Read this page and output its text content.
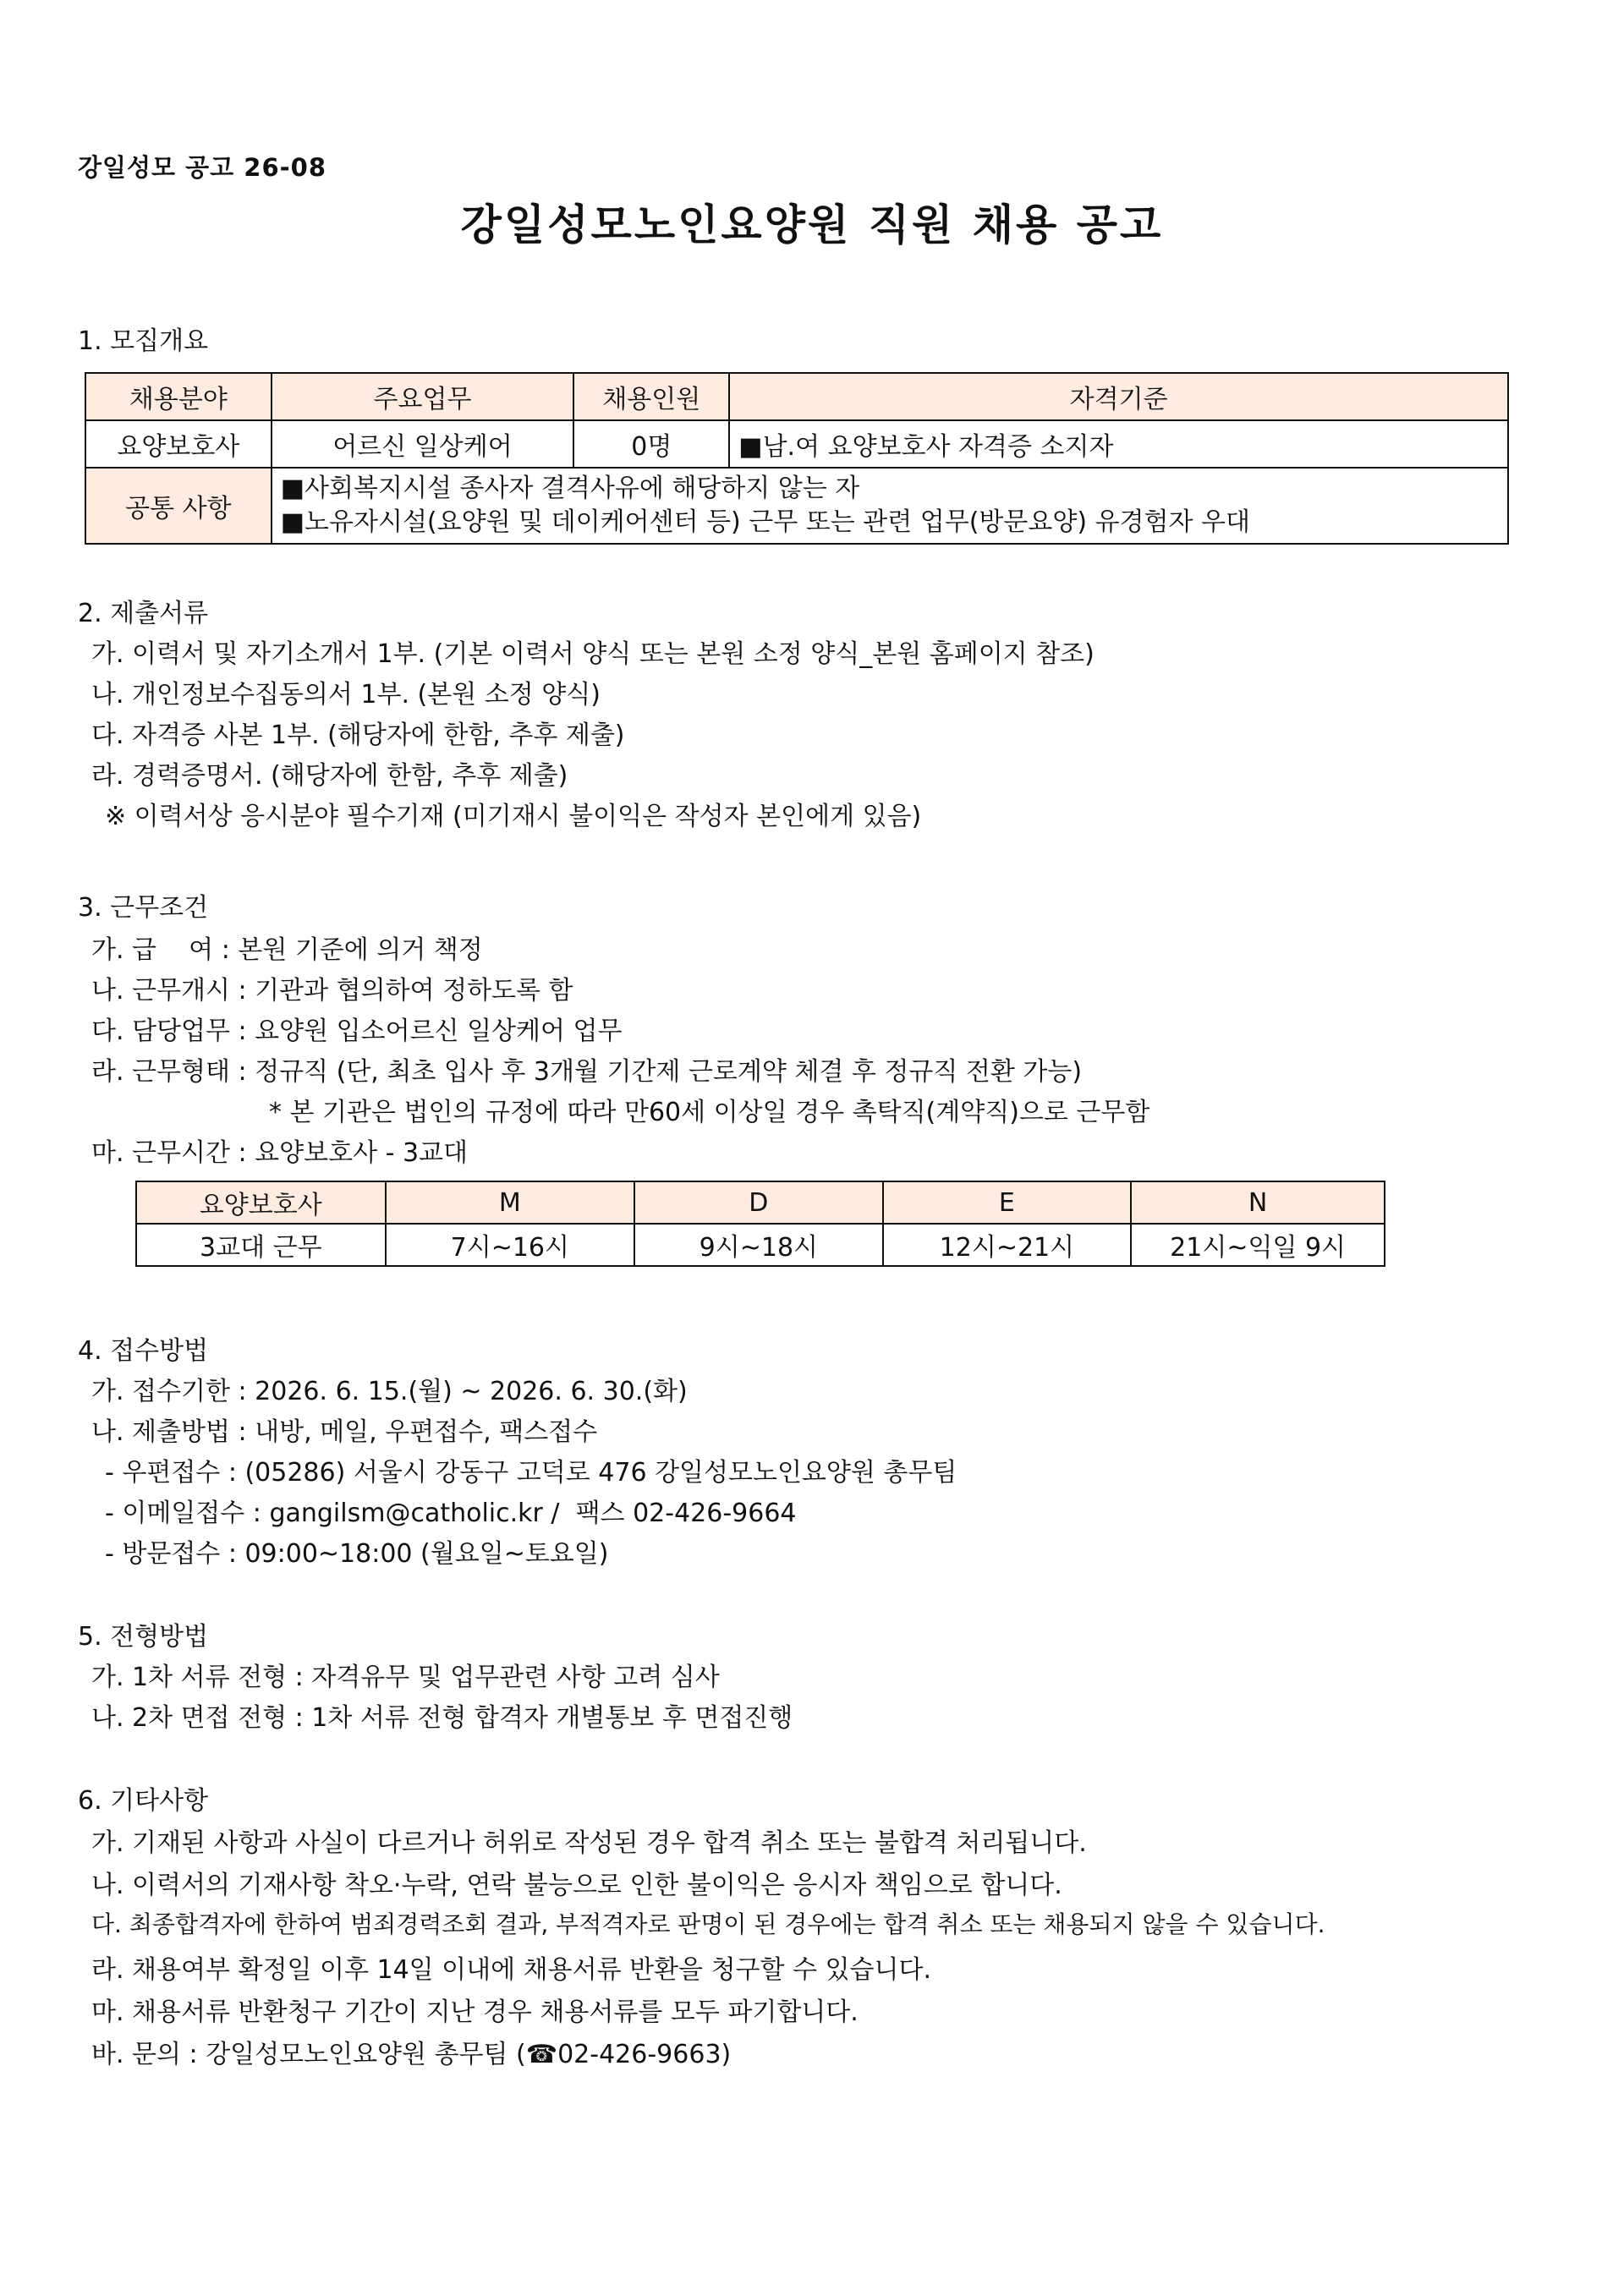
강일성모 공고 26-08
강일성모노인요양원 직원 채용 공고
1. 모집개요
채용분야	주요업무	채용인원	자격기준
요양보호사	어르신 일상케어	0명	■남.여 요양보호사 자격증 소지자
공통 사항	■사회복지시설 종사자 결격사유에 해당하지 않는 자
■노유자시설(요양원 및 데이케어센터 등) 근무 또는 관련 업무(방문요양) 유경험자 우대		
2. 제출서류
가. 이력서 및 자기소개서 1부. (기본 이력서 양식 또는 본원 소정 양식_본원 홈페이지 참조)
나. 개인정보수집동의서 1부. (본원 소정 양식)
다. 자격증 사본 1부. (해당자에 한함, 추후 제출)
라. 경력증명서. (해당자에 한함, 추후 제출)
※ 이력서상 응시분야 필수기재 (미기재시 불이익은 작성자 본인에게 있음)
3. 근무조건
가. 급    여 : 본원 기준에 의거 책정
나. 근무개시 : 기관과 협의하여 정하도록 함
다. 담당업무 : 요양원 입소어르신 일상케어 업무
라. 근무형태 : 정규직 (단, 최초 입사 후 3개월 기간제 근로계약 체결 후 정규직 전환 가능)
* 본 기관은 법인의 규정에 따라 만60세 이상일 경우 촉탁직(계약직)으로 근무함
마. 근무시간 : 요양보호사 - 3교대
요양보호사	M	D	E	N
3교대 근무	7시~16시	9시~18시	12시~21시	21시~익일 9시
4. 접수방법
가. 접수기한 : 2026. 6. 15.(월) ~ 2026. 6. 30.(화)
나. 제출방법 : 내방, 메일, 우편접수, 팩스접수
- 우편접수 : (05286) 서울시 강동구 고덕로 476 강일성모노인요양원 총무팀
- 이메일접수 : gangilsm@catholic.kr /  팩스 02-426-9664
- 방문접수 : 09:00~18:00 (월요일~토요일)
5. 전형방법
가. 1차 서류 전형 : 자격유무 및 업무관련 사항 고려 심사
나. 2차 면접 전형 : 1차 서류 전형 합격자 개별통보 후 면접진행
6. 기타사항
가. 기재된 사항과 사실이 다르거나 허위로 작성된 경우 합격 취소 또는 불합격 처리됩니다.
나. 이력서의 기재사항 착오·누락, 연락 불능으로 인한 불이익은 응시자 책임으로 합니다.
다. 최종합격자에 한하여 범죄경력조회 결과, 부적격자로 판명이 된 경우에는 합격 취소 또는 채용되지 않을 수 있습니다.
라. 채용여부 확정일 이후 14일 이내에 채용서류 반환을 청구할 수 있습니다.
마. 채용서류 반환청구 기간이 지난 경우 채용서류를 모두 파기합니다.
바. 문의 : 강일성모노인요양원 총무팀 (☎02-426-9663)
